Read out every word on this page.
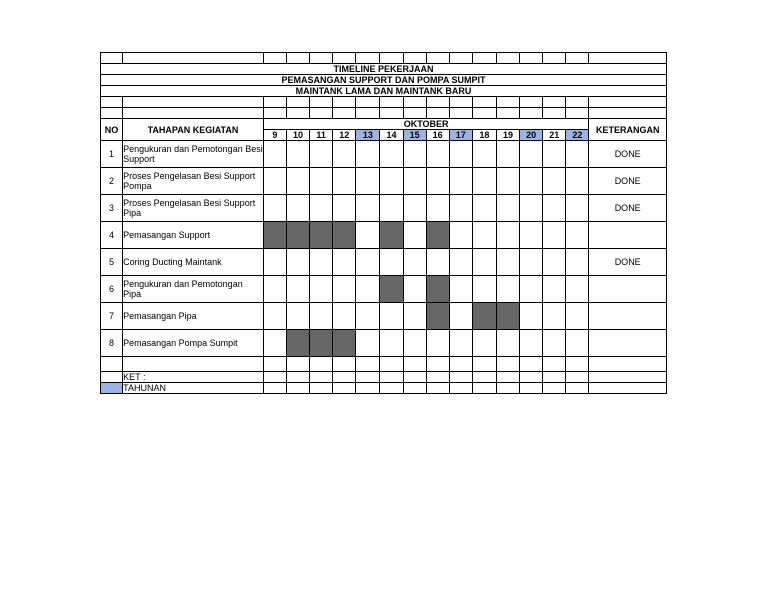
TIMELINE PEKERJAAN																
PEMASANGAN SUPPORT DAN POMPA SUMPIT																
MAINTANK LAMA DAN MAINTANK BARU																

NO	TAHAPAN KEGIATAN	OKTOBER														KETERANGAN
		9	10	11	12	13	14	15	16	17	18	19	20	21	22	
1	Pengukuran dan Pemotongan Besi Support															DONE
2	Proses Pengelasan Besi Support Pompa															DONE
3	Proses Pengelasan Besi Support Pipa															DONE
4	Pemasangan Support															
5	Coring Ducting Maintank															DONE
6	Pengukuran dan Pemotongan Pipa															
7	Pemasangan Pipa															
8	Pemasangan Pompa Sumpit															

	KET :															
	TAHUNAN															
